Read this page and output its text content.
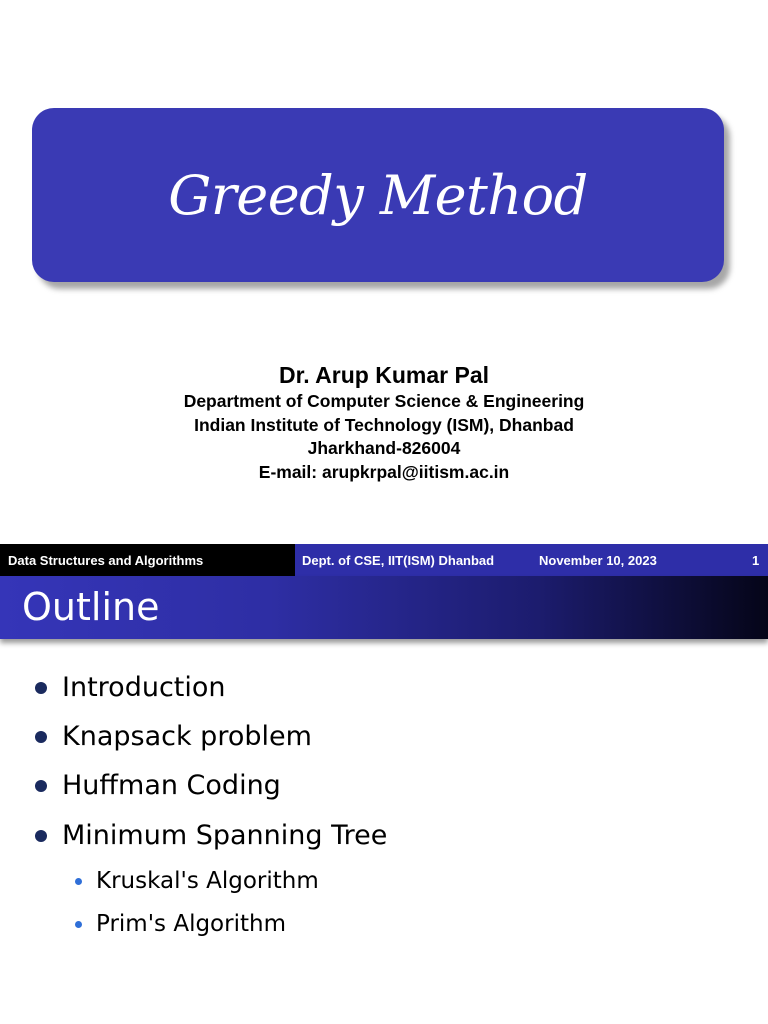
Greedy Method
Dr. Arup Kumar Pal
Department of Computer Science & Engineering
Indian Institute of Technology (ISM), Dhanbad
Jharkhand-826004
E-mail: arupkrpal@iitism.ac.in
Data Structures and Algorithms	Dept. of CSE, IIT(ISM) Dhanbad	November 10, 2023	1
Outline
Introduction
Knapsack problem
Huffman Coding
Minimum Spanning Tree
Kruskal's Algorithm
Prim's Algorithm
